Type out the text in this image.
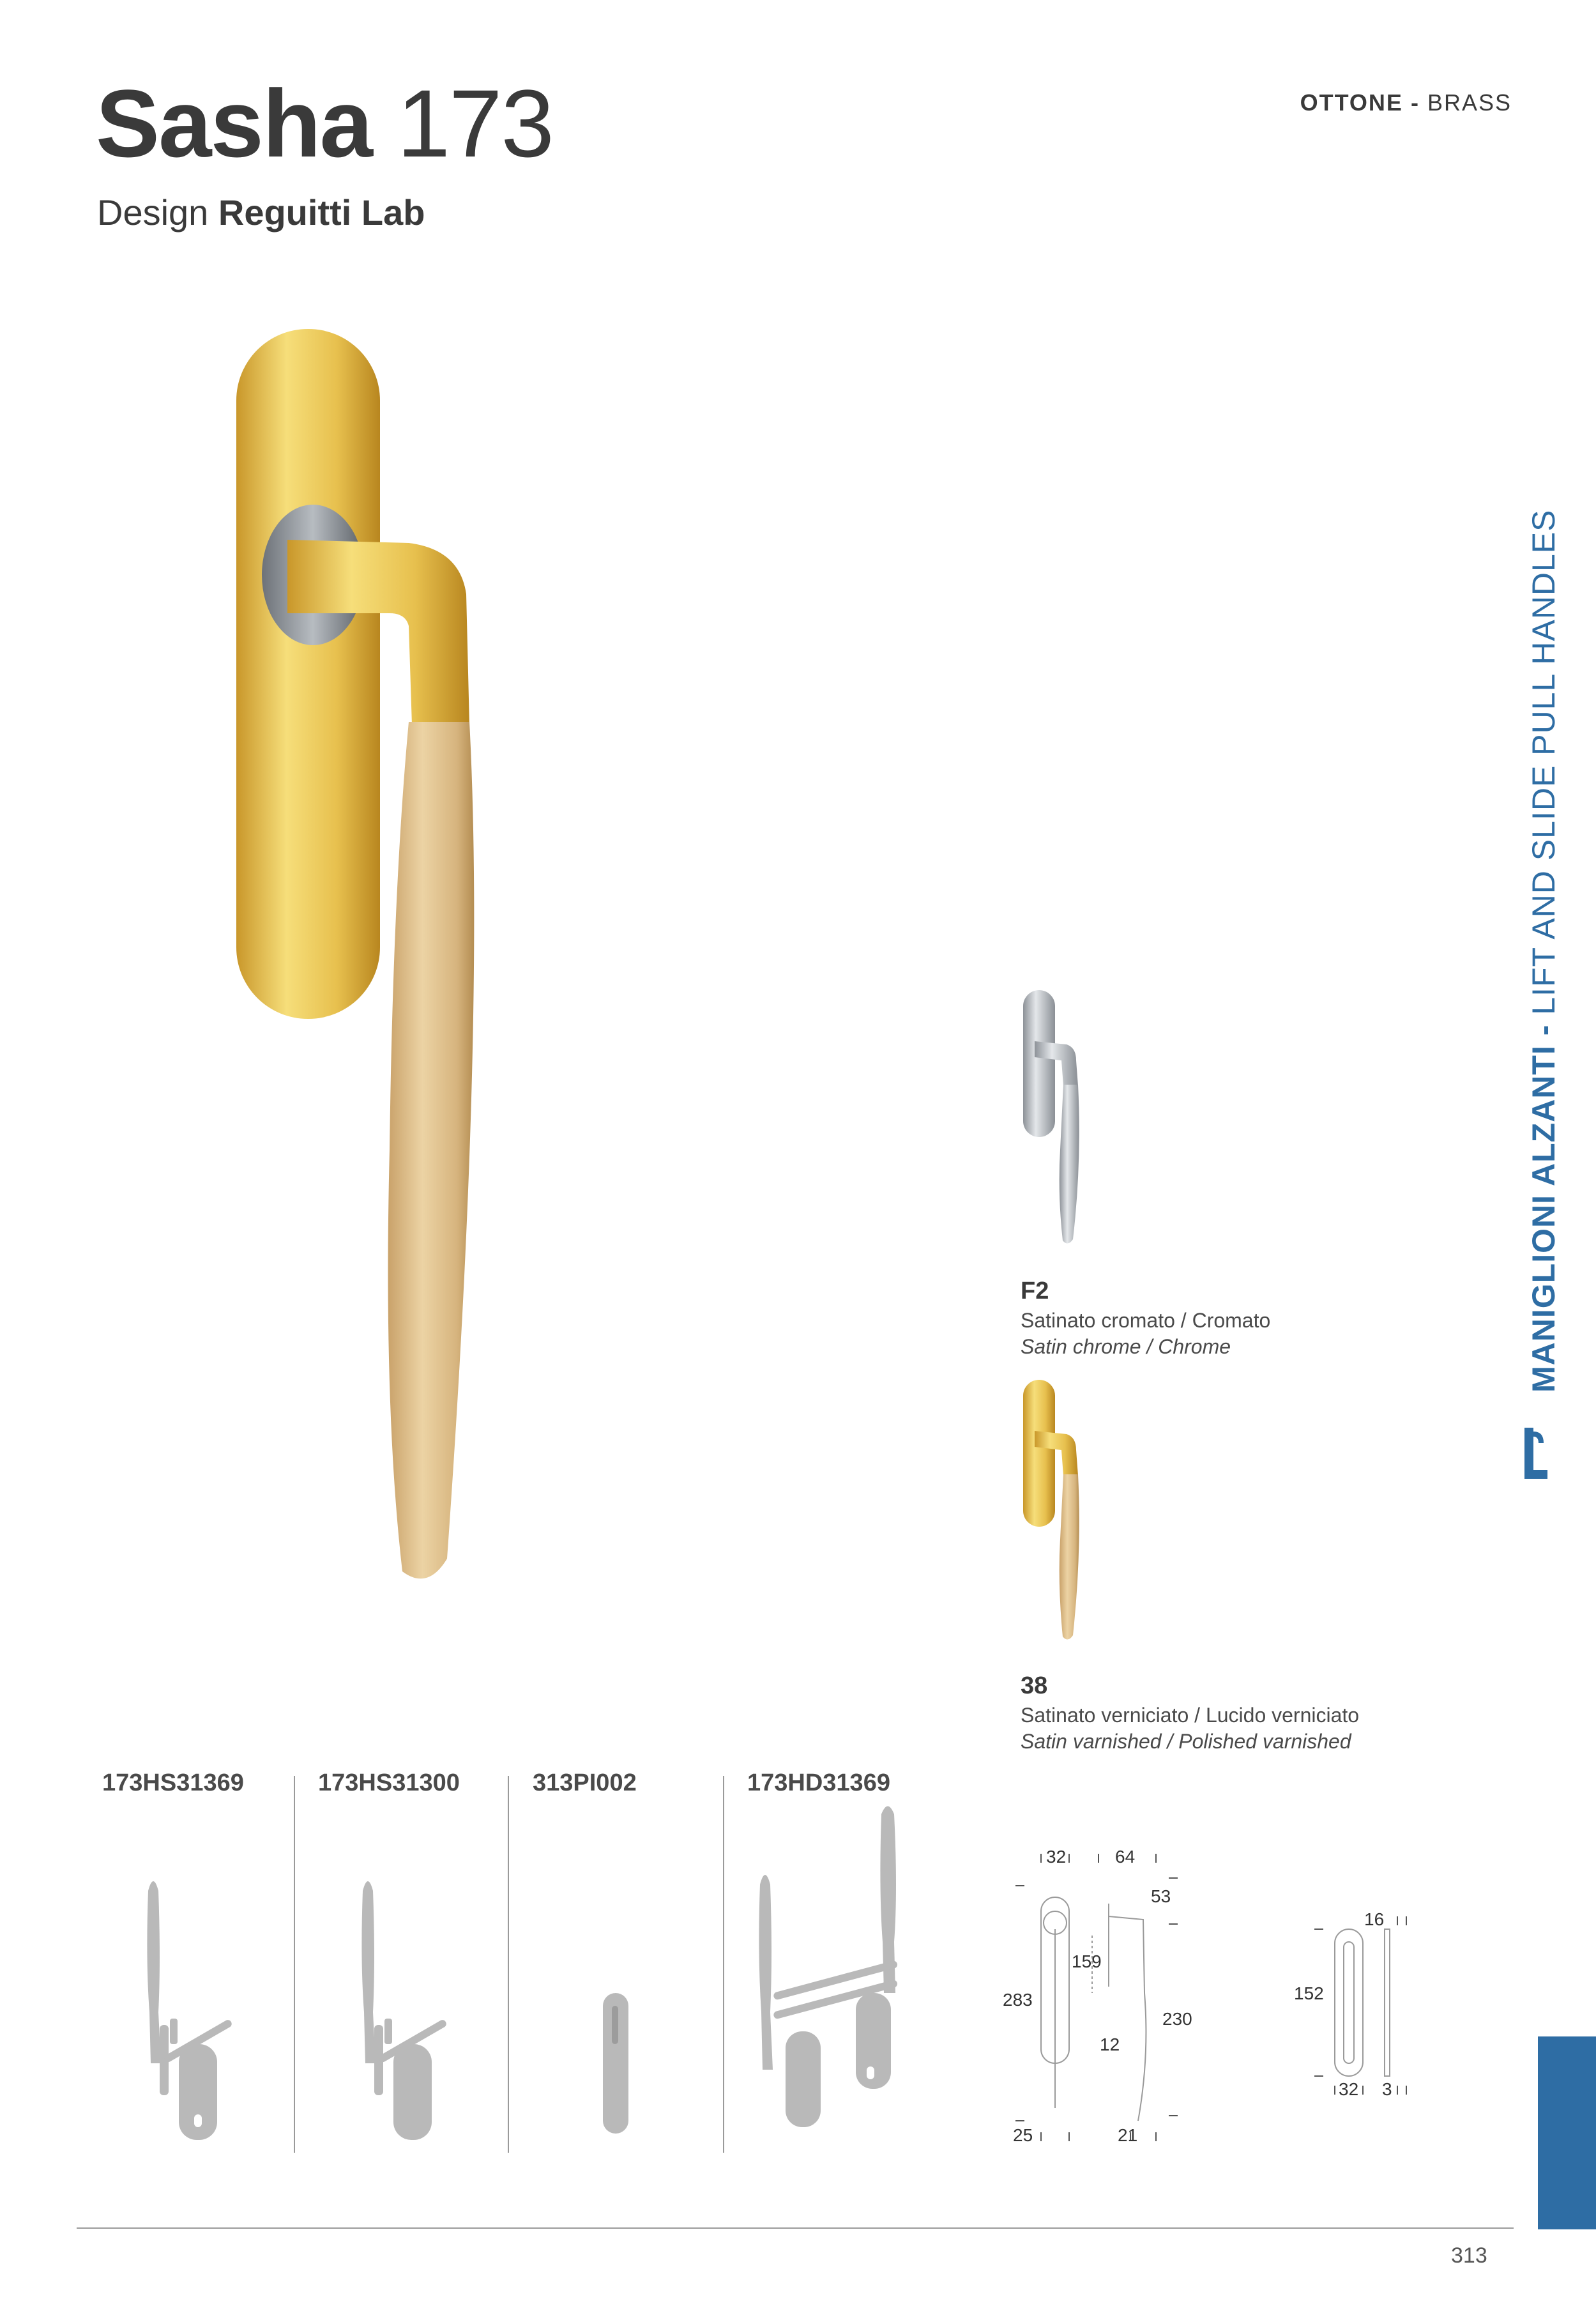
Sasha 173
Design Reguitti Lab
OTTONE - BRASS
F2
Satinato cromato / Cromato
Satin chrome / Chrome
38
Satinato verniciato / Lucido verniciato
Satin varnished / Polished varnished
MANIGLIONI ALZANTI - LIFT AND SLIDE PULL HANDLES
173HS31369	173HS31300	313PI002	173HD31369
32	64
53
159
283
230
12
25	21
16
152
32 3
313
